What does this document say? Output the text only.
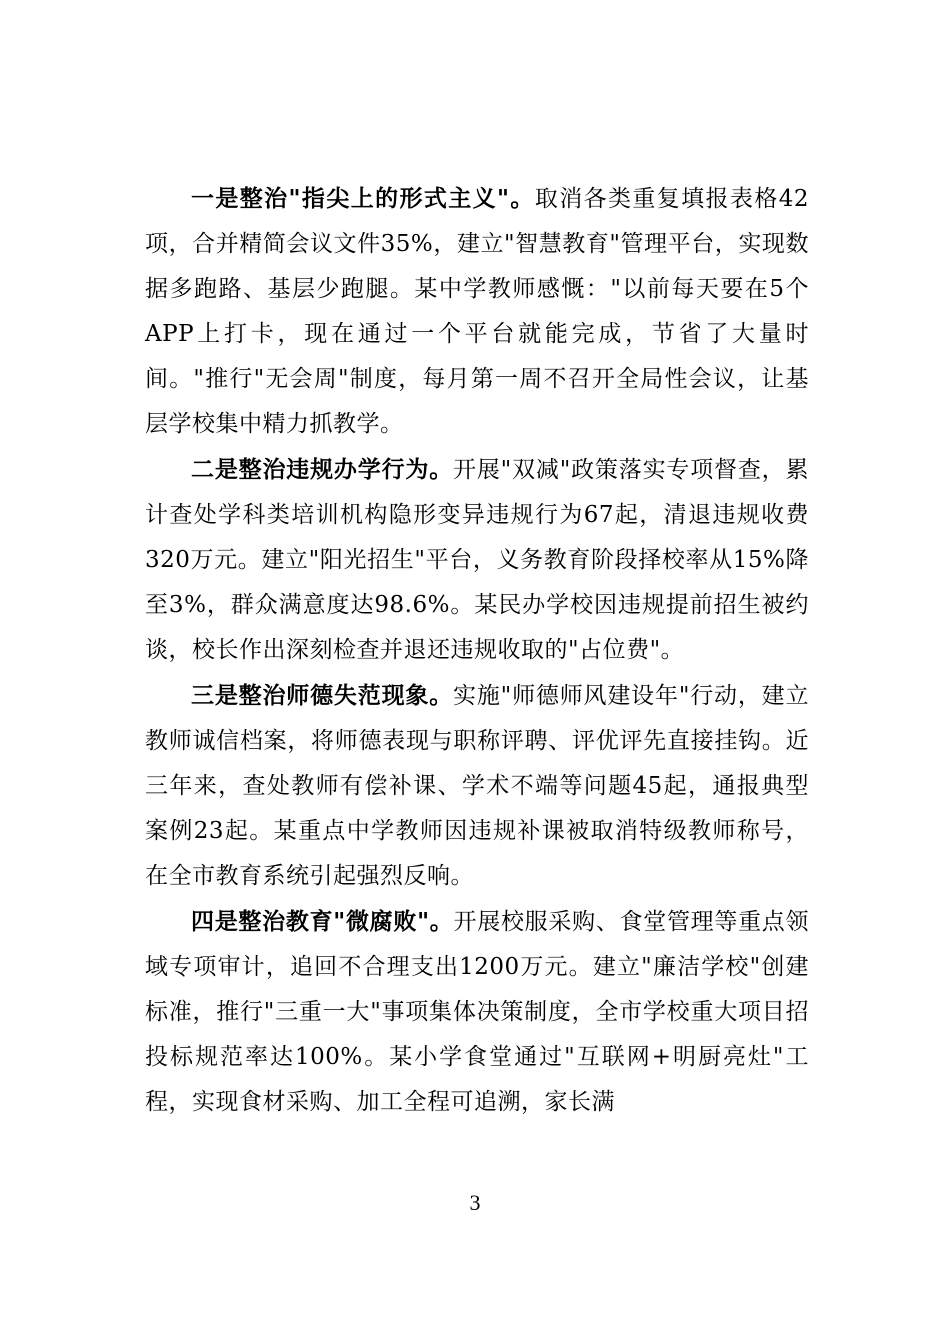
一是整治"指尖上的形式主义"。取消各类重复填报表格42项，合并精简会议文件35%，建立"智慧教育"管理平台，实现数据多跑路、基层少跑腿。某中学教师感慨："以前每天要在5个APP上打卡，现在通过一个平台就能完成，节省了大量时间。"推行"无会周"制度，每月第一周不召开全局性会议，让基层学校集中精力抓教学。

二是整治违规办学行为。开展"双减"政策落实专项督查，累计查处学科类培训机构隐形变异违规行为67起，清退违规收费320万元。建立"阳光招生"平台，义务教育阶段择校率从15%降至3%，群众满意度达98.6%。某民办学校因违规提前招生被约谈，校长作出深刻检查并退还违规收取的"占位费"。

三是整治师德失范现象。实施"师德师风建设年"行动，建立教师诚信档案，将师德表现与职称评聘、评优评先直接挂钩。近三年来，查处教师有偿补课、学术不端等问题45起，通报典型案例23起。某重点中学教师因违规补课被取消特级教师称号，在全市教育系统引起强烈反响。

四是整治教育"微腐败"。开展校服采购、食堂管理等重点领域专项审计，追回不合理支出1200万元。建立"廉洁学校"创建标准，推行"三重一大"事项集体决策制度，全市学校重大项目招投标规范率达100%。某小学食堂通过"互联网+明厨亮灶"工程，实现食材采购、加工全程可追溯，家长满

3
